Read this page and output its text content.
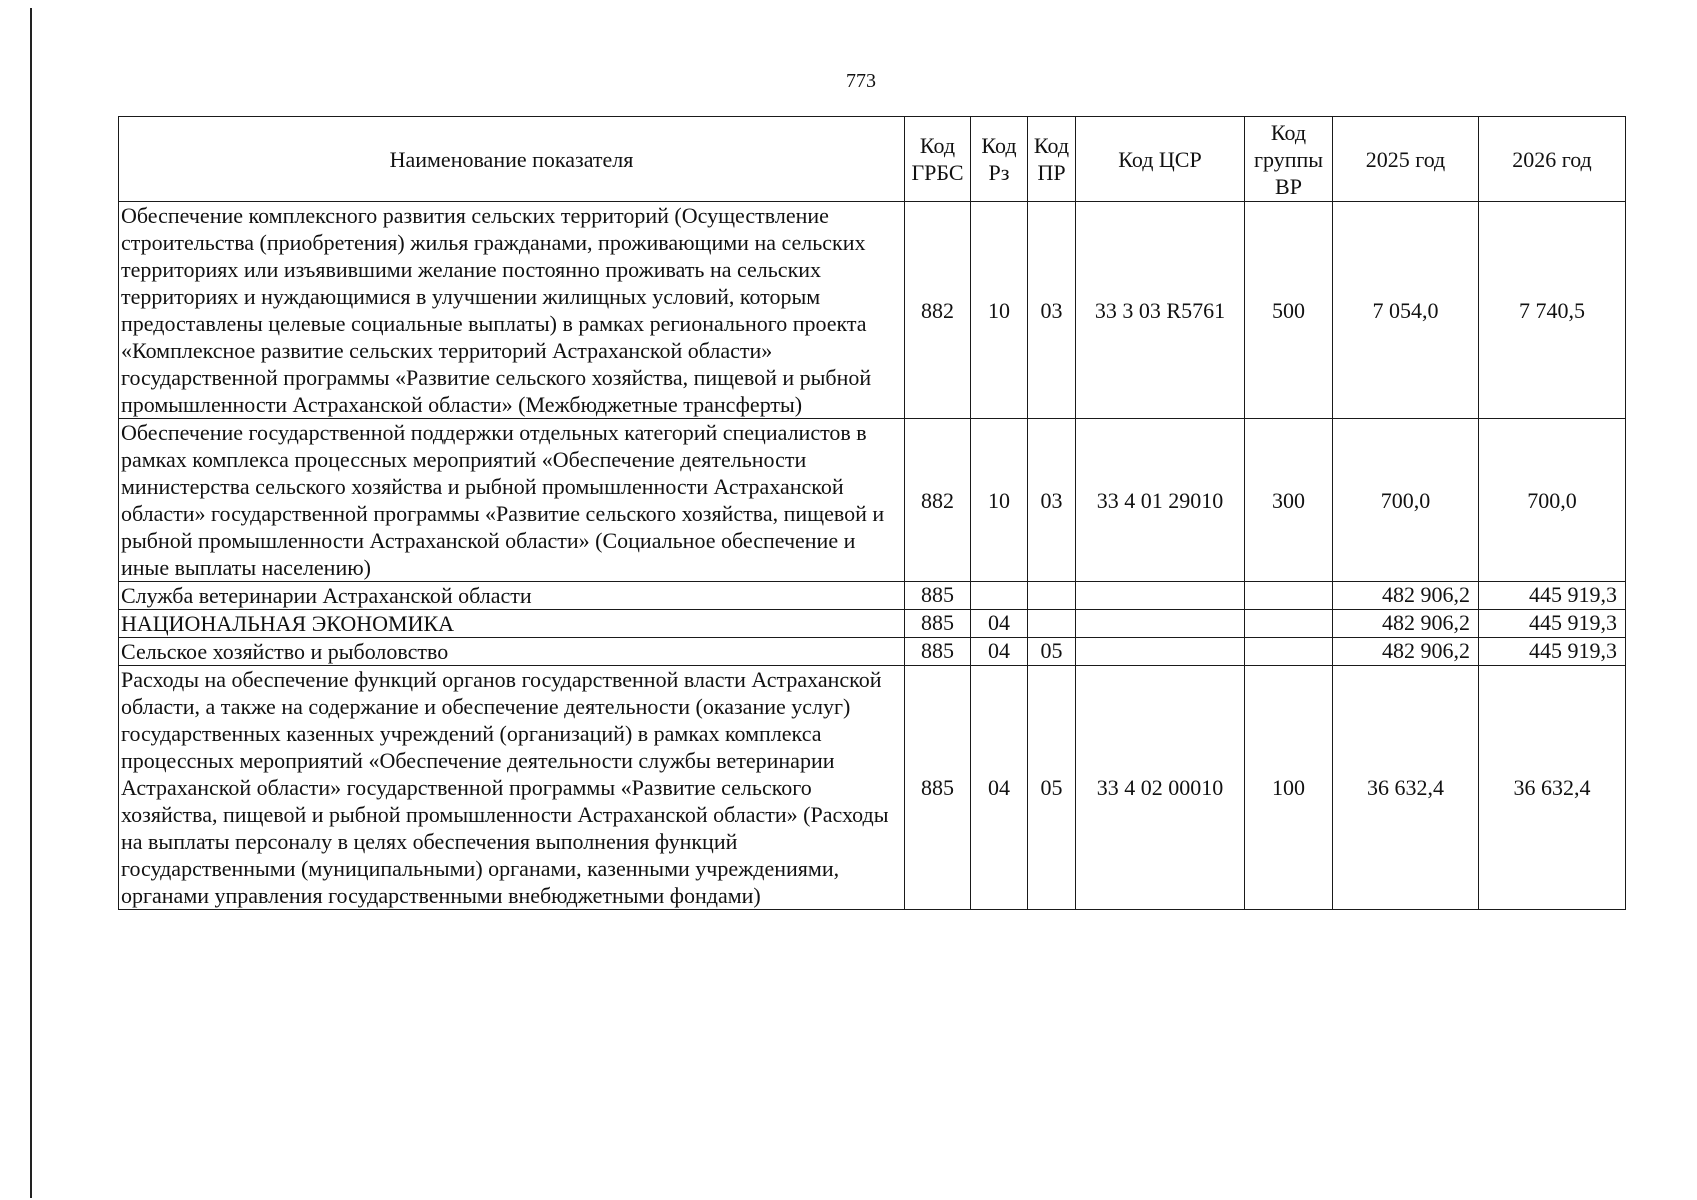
773
Наименование показателя	Код ГРБС	Код Рз	Код ПР	Код ЦСР	Код группы ВР	2025 год	2026 год
Обеспечение комплексного развития сельских территорий (Осуществление строительства (приобретения) жилья гражданами, проживающими на сельских территориях или изъявившими желание постоянно проживать на сельских территориях и нуждающимися в улучшении жилищных условий, которым предоставлены целевые социальные выплаты) в рамках регионального проекта «Комплексное развитие сельских территорий Астраханской области» государственной программы «Развитие сельского хозяйства, пищевой и рыбной промышленности Астраханской области» (Межбюджетные трансферты)	882	10	03	33 3 03 R5761	500	7 054,0	7 740,5
Обеспечение государственной поддержки отдельных категорий специалистов в рамках комплекса процессных мероприятий «Обеспечение деятельности министерства сельского хозяйства и рыбной промышленности Астраханской области» государственной программы «Развитие сельского хозяйства, пищевой и рыбной промышленности Астраханской области» (Социальное обеспечение и иные выплаты населению)	882	10	03	33 4 01 29010	300	700,0	700,0
Служба ветеринарии Астраханской области	885					482 906,2	445 919,3
НАЦИОНАЛЬНАЯ ЭКОНОМИКА	885	04				482 906,2	445 919,3
Сельское хозяйство и рыболовство	885	04	05			482 906,2	445 919,3
Расходы на обеспечение функций органов государственной власти Астраханской области, а также на содержание и обеспечение деятельности (оказание услуг) государственных казенных учреждений (организаций) в рамках комплекса процессных мероприятий «Обеспечение деятельности службы ветеринарии Астраханской области» государственной программы «Развитие сельского хозяйства, пищевой и рыбной промышленности Астраханской области» (Расходы на выплаты персоналу в целях обеспечения выполнения функций государственными (муниципальными) органами, казенными учреждениями, органами управления государственными внебюджетными фондами)	885	04	05	33 4 02 00010	100	36 632,4	36 632,4
